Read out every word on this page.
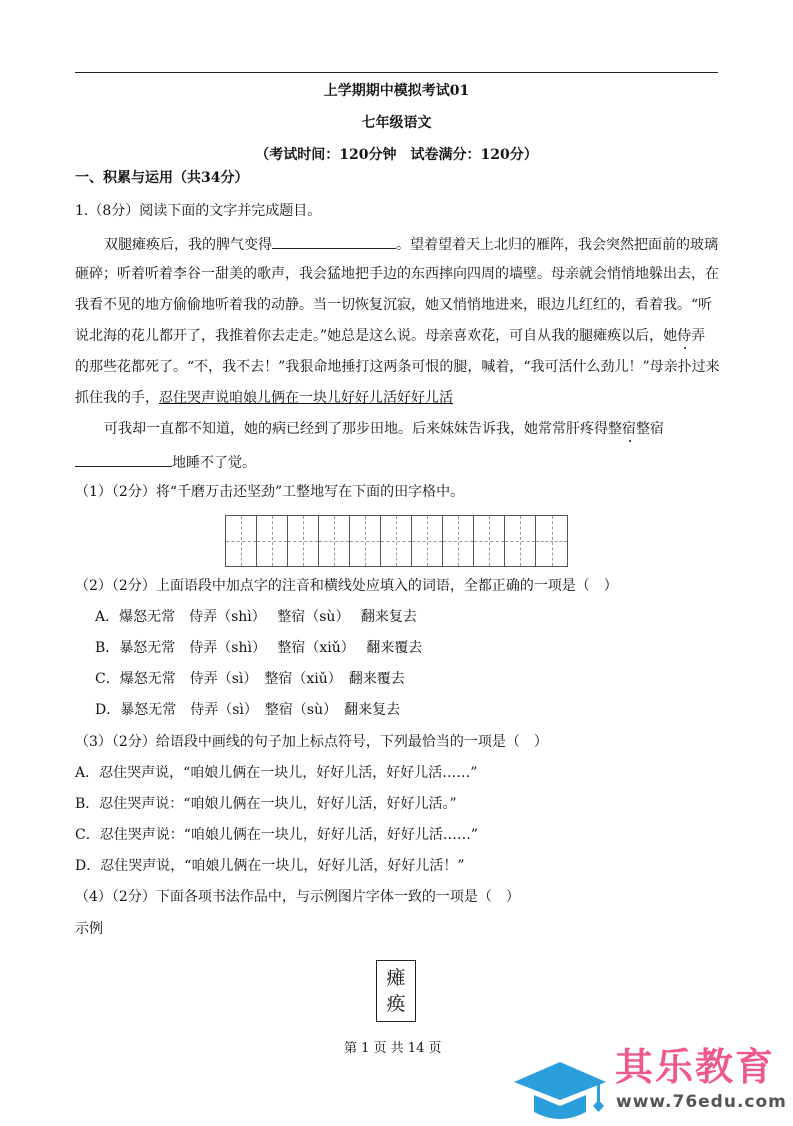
上学期期中模拟考试01
七年级语文
（考试时间：120分钟　试卷满分：120分）
一、积累与运用（共34分）
1.（8分）阅读下面的文字并完成题目。
双腿瘫痪后，我的脾气变得	。望着望着天上北归的雁阵，我会突然把面前的玻璃
砸碎；听着听着李谷一甜美的歌声，我会猛地把手边的东西摔向四周的墙壁。母亲就会悄悄地躲出去，在
我看不见的地方偷偷地听着我的动静。当一切恢复沉寂，她又悄悄地进来，眼边儿红红的，看着我。“听
说北海的花儿都开了，我推着你去走走。”她总是这么说。母亲喜欢花，可自从我的腿瘫痪以后，她侍弄
的那些花都死了。“不，我不去！”我狠命地捶打这两条可恨的腿，喊着，“我可活什么劲儿！”母亲扑过来
抓住我的手，忍住哭声说咱娘儿俩在一块儿好好儿活好好儿活
可我却一直都不知道，她的病已经到了那步田地。后来妹妹告诉我，她常常肝疼得整宿整宿
地睡不了觉。
（1）（2分）将“千磨万击还坚劲”工整地写在下面的田字格中。
（2）（2分）上面语段中加点字的注音和横线处应填入的词语，全都正确的一项是（　）
A．爆怒无常　侍弄（shì）　 整宿（sù）　 翻来复去
B．暴怒无常　侍弄（shì）　 整宿（xiǔ）　 翻来覆去
C．爆怒无常　侍弄（sì）　整宿（xiǔ）　翻来覆去
D．暴怒无常　侍弄（sì）　整宿（sù）　翻来复去
（3）（2分）给语段中画线的句子加上标点符号，下列最恰当的一项是（　）
A．忍住哭声说，“咱娘儿俩在一块儿，好好儿活，好好儿活……”
B．忍住哭声说：“咱娘儿俩在一块儿，好好儿活，好好儿活。”
C．忍住哭声说：“咱娘儿俩在一块儿，好好儿活，好好儿活……”
D．忍住哭声说，“咱娘儿俩在一块儿，好好儿活，好好儿活！”
（4）（2分）下面各项书法作品中，与示例图片字体一致的一项是（　）
示例
瘫
痪
第 1 页 共 14 页	其乐教育
www.76edu.com
